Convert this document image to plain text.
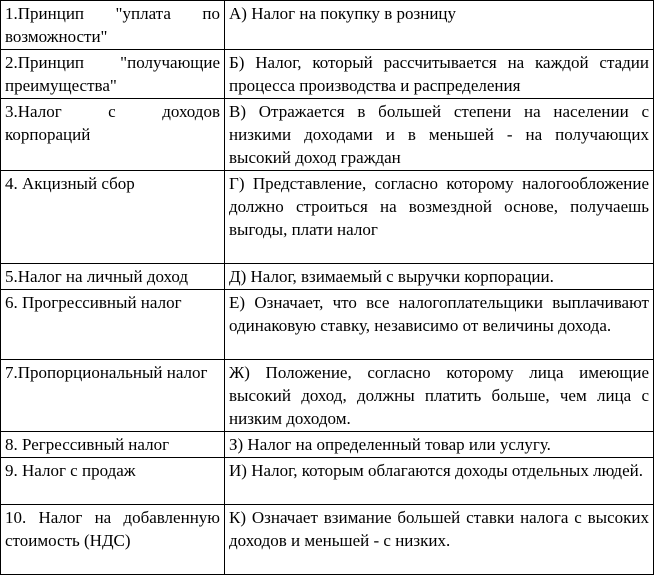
1.Принцип "уплата по возможности"	А) Налог на покупку в розницу
2.Принцип "получающие преимущества"	Б) Налог, который рассчитывается на каждой стадии процесса производства и распределения
3.Налог с доходов корпораций	В) Отражается в большей степени на населении с низкими доходами и в меньшей - на получающих высокий доход граждан
4. Акцизный сбор	Г) Представление, согласно которому налогообложение должно строиться на возмездной основе, получаешь выгоды, плати налог
5.Налог на личный доход	Д) Налог, взимаемый с выручки корпорации.
6. Прогрессивный налог	Е) Означает, что все налогоплательщики выплачивают одинаковую ставку, независимо от величины дохода.
7.Пропорциональный налог	Ж) Положение, согласно которому лица имеющие высокий доход, должны платить больше, чем лица с низким доходом.
8. Регрессивный налог	З) Налог на определенный товар или услугу.
9. Налог с продаж	И) Налог, которым облагаются доходы отдельных людей.
10. Налог на добавленную стоимость (НДС)	К) Означает взимание большей ставки налога с высоких доходов и меньшей - с низких.
